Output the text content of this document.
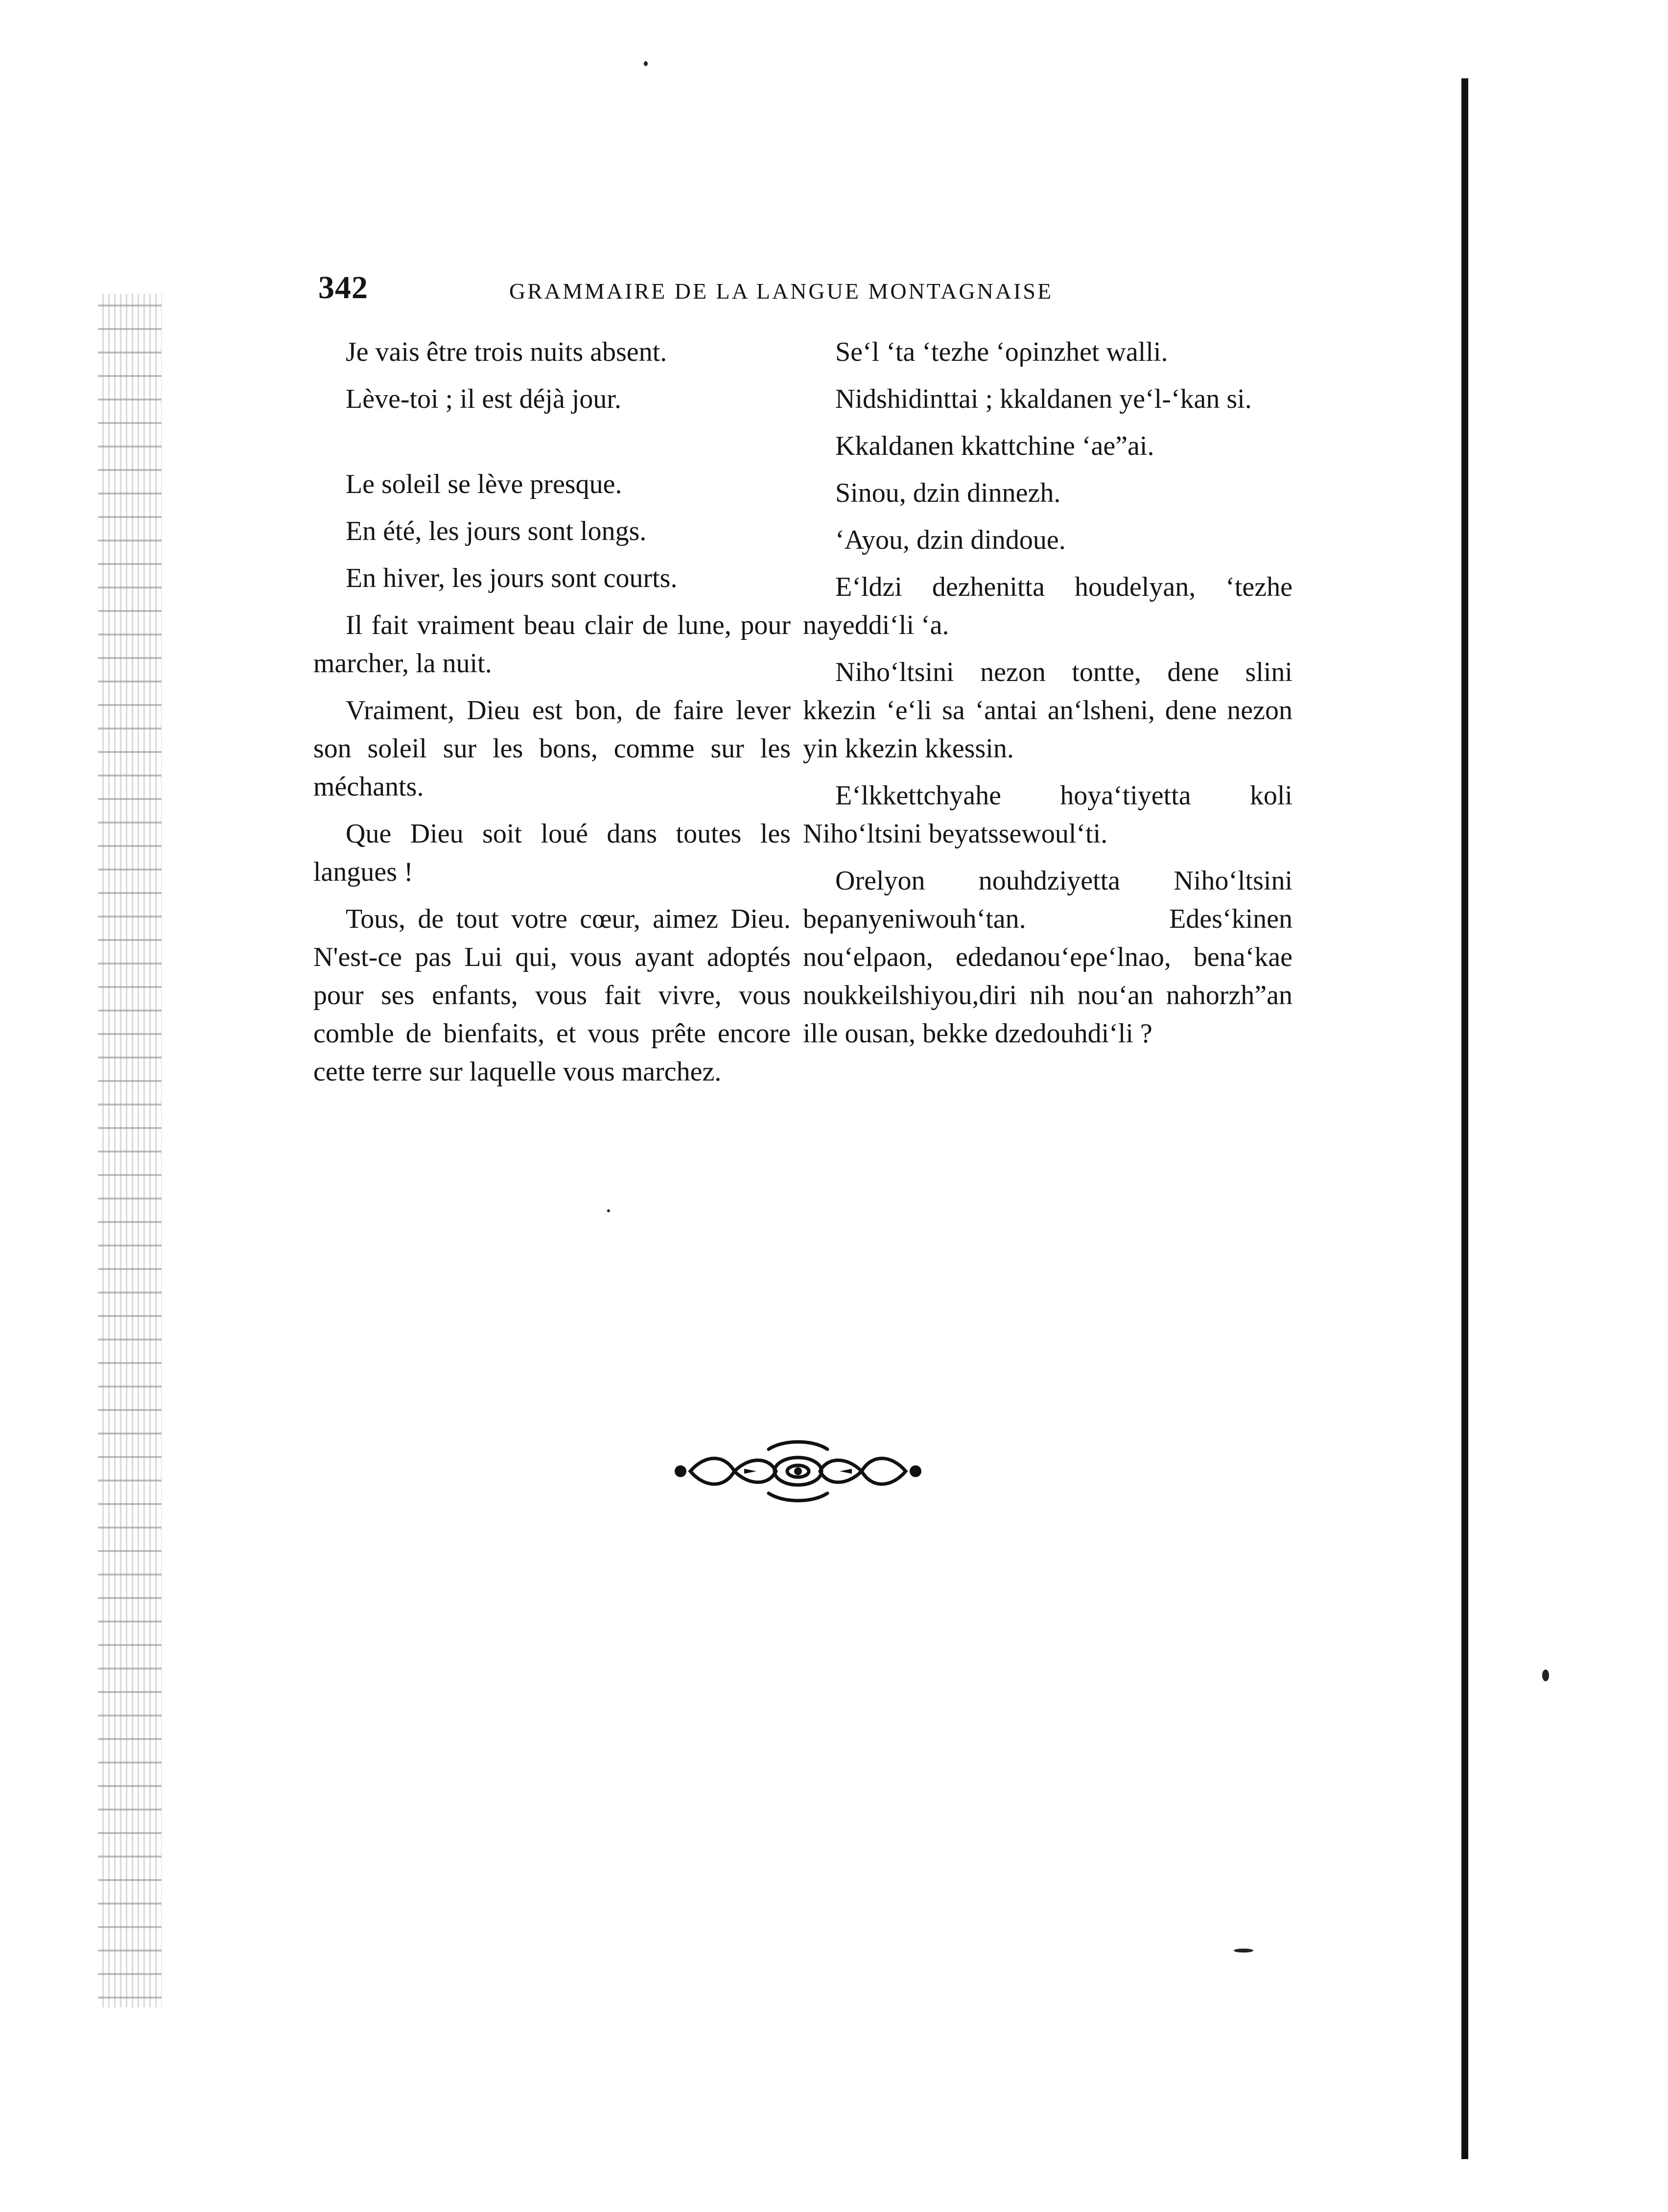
342	GRAMMAIRE DE LA LANGUE MONTAGNAISE

Je vais être trois nuits absent.

Lève-toi ; il est déjà jour.

Le soleil se lève presque.

En été, les jours sont longs.

En hiver, les jours sont courts.

Il fait vraiment beau clair de lune, pour marcher, la nuit.

Vraiment, Dieu est bon, de faire lever son soleil sur les bons, comme sur les méchants.

Que Dieu soit loué dans toutes les langues !

Tous, de tout votre cœur, aimez Dieu. N'est-ce pas Lui qui, vous ayant adoptés pour ses enfants, vous fait vivre, vous comble de bienfaits, et vous prête encore cette terre sur laquelle vous marchez.

Se‘l ‘ta ‘tezhe ‘oρinzhet walli.

Nidshidinttai ; kkaldanen ye‘l-‘kan si.

Kkaldanen kkattchine ‘ae”ai.

Sinou, dzin dinnezh.

‘Ayou, dzin dindoue.

E‘ldzi dezhenitta houdelyan, ‘tezhe nayeddi‘li ‘a.

Niho‘ltsini nezon tontte, dene slini kkezin ‘e‘li sa ‘antai an‘lsheni, dene nezon yin kkezin kkessin.

E‘lkkettchyahe hoya‘tiyetta koli Niho‘ltsini beyatssewoul‘ti.

Orelyon nouhdziyetta Niho‘ltsini beρanyeniwouh‘tan. Edes‘kinen nou‘elρaon, ededanou‘eρe‘lnao, bena‘kae noukkeilshiyou,diri nih nou‘an nahorzh”an ille ousan, bekke dzedouhdi‘li ?
